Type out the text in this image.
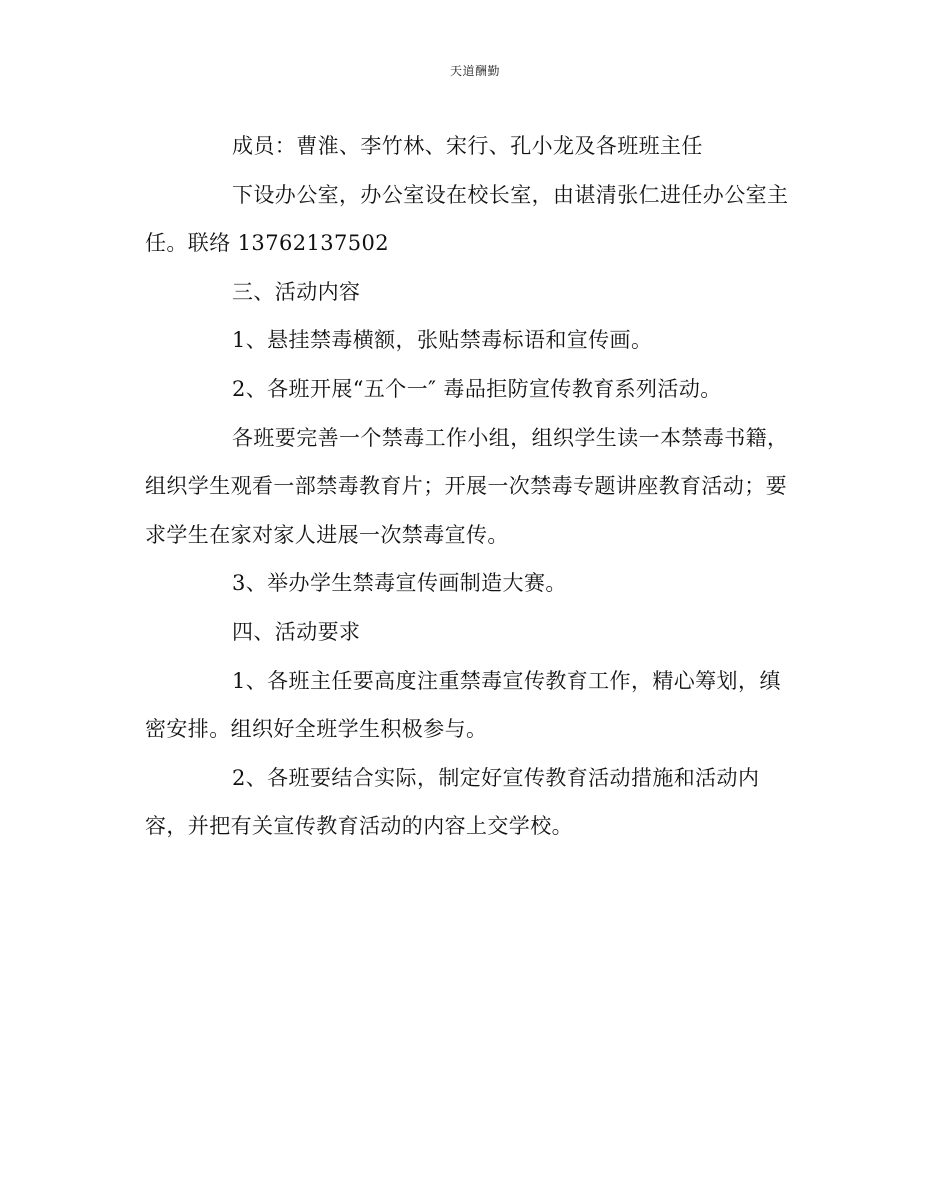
天道酬勤
成员：曹淮、李竹林、宋行、孔小龙及各班班主任
下设办公室，办公室设在校长室，由谌清张仁进任办公室主
任。联络 13762137502
三、活动内容
1、悬挂禁毒横额，张贴禁毒标语和宣传画。
2、各班开展“五个一″ 毒品拒防宣传教育系列活动。
各班要完善一个禁毒工作小组，组织学生读一本禁毒书籍，
组织学生观看一部禁毒教育片；开展一次禁毒专题讲座教育活动；要
求学生在家对家人进展一次禁毒宣传。
3、举办学生禁毒宣传画制造大赛。
四、活动要求
1、各班主任要高度注重禁毒宣传教育工作，精心筹划，缜
密安排。组织好全班学生积极参与。
2、各班要结合实际，制定好宣传教育活动措施和活动内
容，并把有关宣传教育活动的内容上交学校。
